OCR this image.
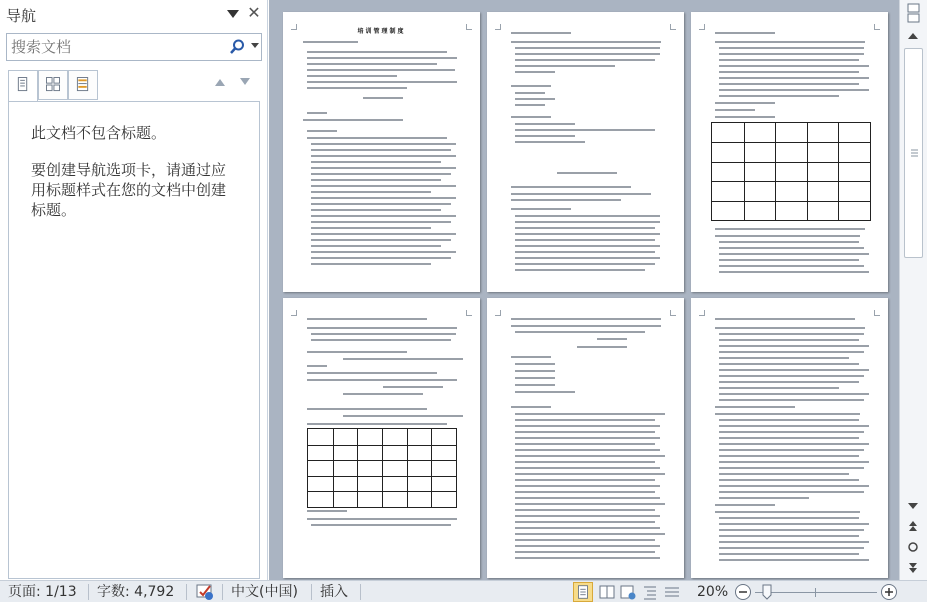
导航	✕
搜索文档

此文档不包含标题。

要创建导航选项卡，请通过应用标题样式在您的文档中创建标题。

培训管理制度
页面: 1/13 字数: 4,792	中文(中国) 插入	20%
